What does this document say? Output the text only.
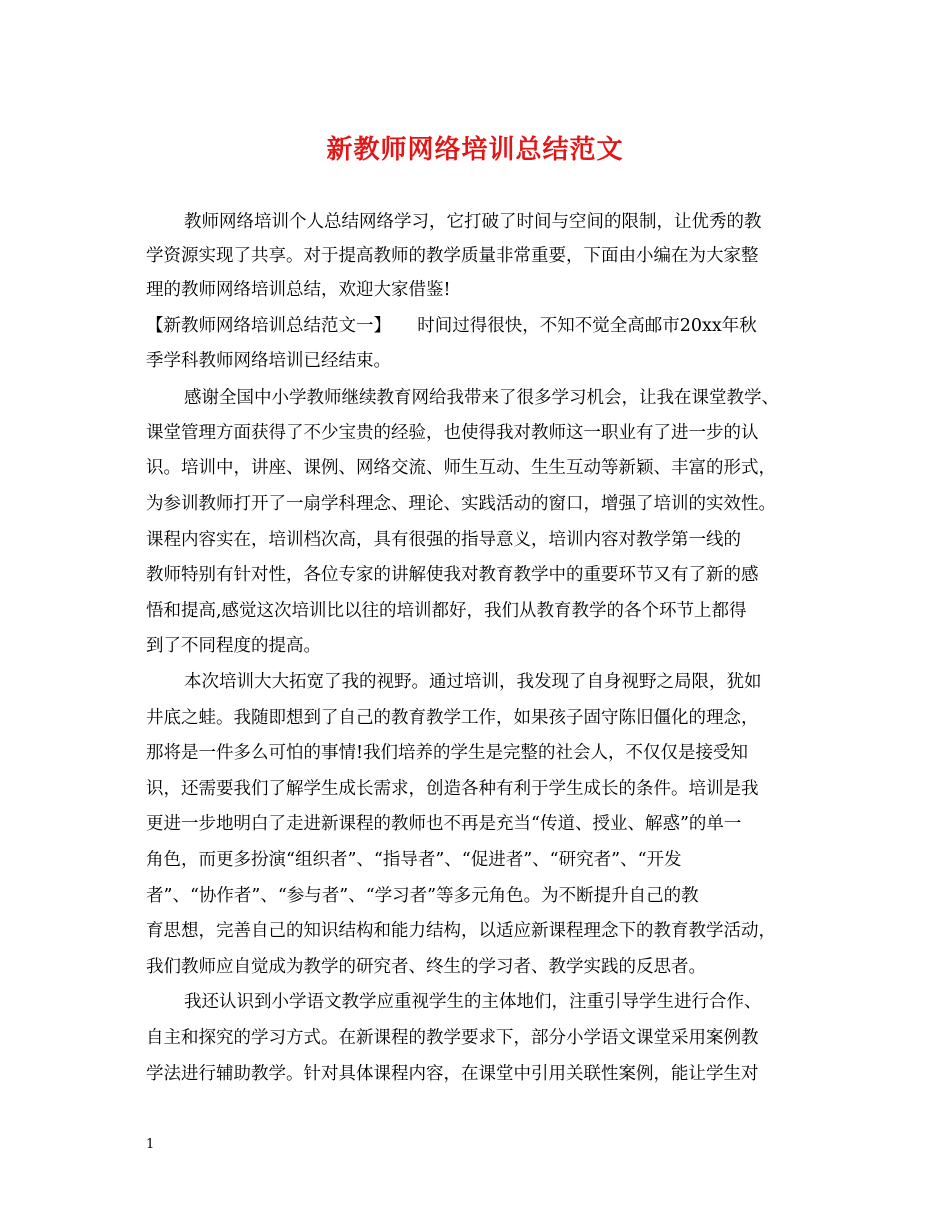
新教师网络培训总结范文

教师网络培训个人总结网络学习，它打破了时间与空间的限制，让优秀的教

学资源实现了共享。对于提高教师的教学质量非常重要，下面由小编在为大家整

理的教师网络培训总结，欢迎大家借鉴!

【新教师网络培训总结范文一】　　时间过得很快，不知不觉全高邮市20xx年秋

季学科教师网络培训已经结束。

感谢全国中小学教师继续教育网给我带来了很多学习机会，让我在课堂教学、

课堂管理方面获得了不少宝贵的经验，也使得我对教师这一职业有了进一步的认

识。培训中，讲座、课例、网络交流、师生互动、生生互动等新颖、丰富的形式，

为参训教师打开了一扇学科理念、理论、实践活动的窗口，增强了培训的实效性。

课程内容实在，培训档次高，具有很强的指导意义，培训内容对教学第一线的

教师特别有针对性，各位专家的讲解使我对教育教学中的重要环节又有了新的感

悟和提高,感觉这次培训比以往的培训都好，我们从教育教学的各个环节上都得

到了不同程度的提高。

本次培训大大拓宽了我的视野。通过培训，我发现了自身视野之局限，犹如

井底之蛙。我随即想到了自己的教育教学工作，如果孩子固守陈旧僵化的理念，

那将是一件多么可怕的事情!我们培养的学生是完整的社会人，不仅仅是接受知

识，还需要我们了解学生成长需求，创造各种有利于学生成长的条件。培训是我

更进一步地明白了走进新课程的教师也不再是充当“传道、授业、解惑”的单一

角色，而更多扮演“组织者”、“指导者”、“促进者”、“研究者”、“开发

者”、“协作者”、“参与者”、“学习者”等多元角色。为不断提升自己的教

育思想，完善自己的知识结构和能力结构，以适应新课程理念下的教育教学活动，

我们教师应自觉成为教学的研究者、终生的学习者、教学实践的反思者。

我还认识到小学语文教学应重视学生的主体地们，注重引导学生进行合作、

自主和探究的学习方式。在新课程的教学要求下，部分小学语文课堂采用案例教

学法进行辅助教学。针对具体课程内容，在课堂中引用关联性案例，能让学生对

1
